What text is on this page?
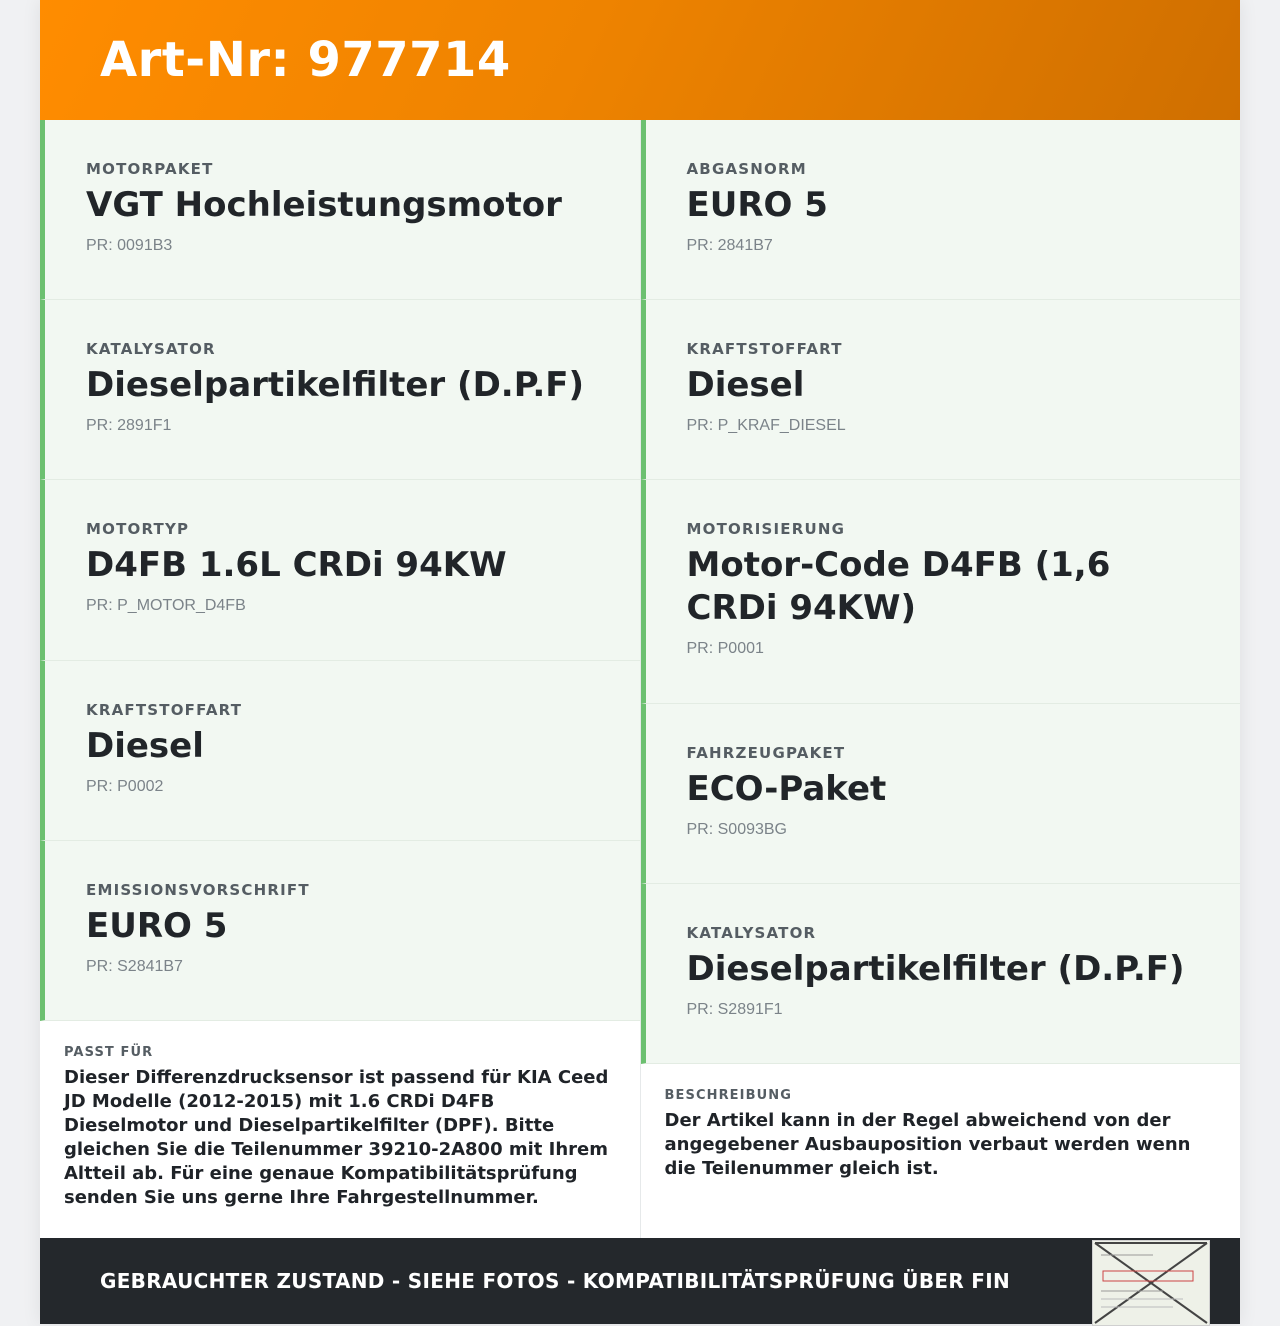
Art-Nr: 977714
MOTORPAKET
VGT Hochleistungsmotor
PR: 0091B3
KATALYSATOR
Dieselpartikelfilter (D.P.F)
PR: 2891F1
MOTORTYP
D4FB 1.6L CRDi 94KW
PR: P_MOTOR_D4FB
KRAFTSTOFFART
Diesel
PR: P0002
EMISSIONSVORSCHRIFT
EURO 5
PR: S2841B7
PASST FÜR
Dieser Differenzdrucksensor ist passend für KIA Ceed JD Modelle (2012-2015) mit 1.6 CRDi D4FB Dieselmotor und Dieselpartikelfilter (DPF). Bitte gleichen Sie die Teilenummer 39210-2A800 mit Ihrem Altteil ab. Für eine genaue Kompatibilitätsprüfung senden Sie uns gerne Ihre Fahrgestellnummer.
ABGASNORM
EURO 5
PR: 2841B7
KRAFTSTOFFART
Diesel
PR: P_KRAF_DIESEL
MOTORISIERUNG
Motor-Code D4FB (1,6 CRDi 94KW)
PR: P0001
FAHRZEUGPAKET
ECO-Paket
PR: S0093BG
KATALYSATOR
Dieselpartikelfilter (D.P.F)
PR: S2891F1
BESCHREIBUNG
Der Artikel kann in der Regel abweichend von der angegebener Ausbauposition verbaut werden wenn die Teilenummer gleich ist.
GEBRAUCHTER ZUSTAND - SIEHE FOTOS - KOMPATIBILITÄTSPRÜFUNG ÜBER FIN
